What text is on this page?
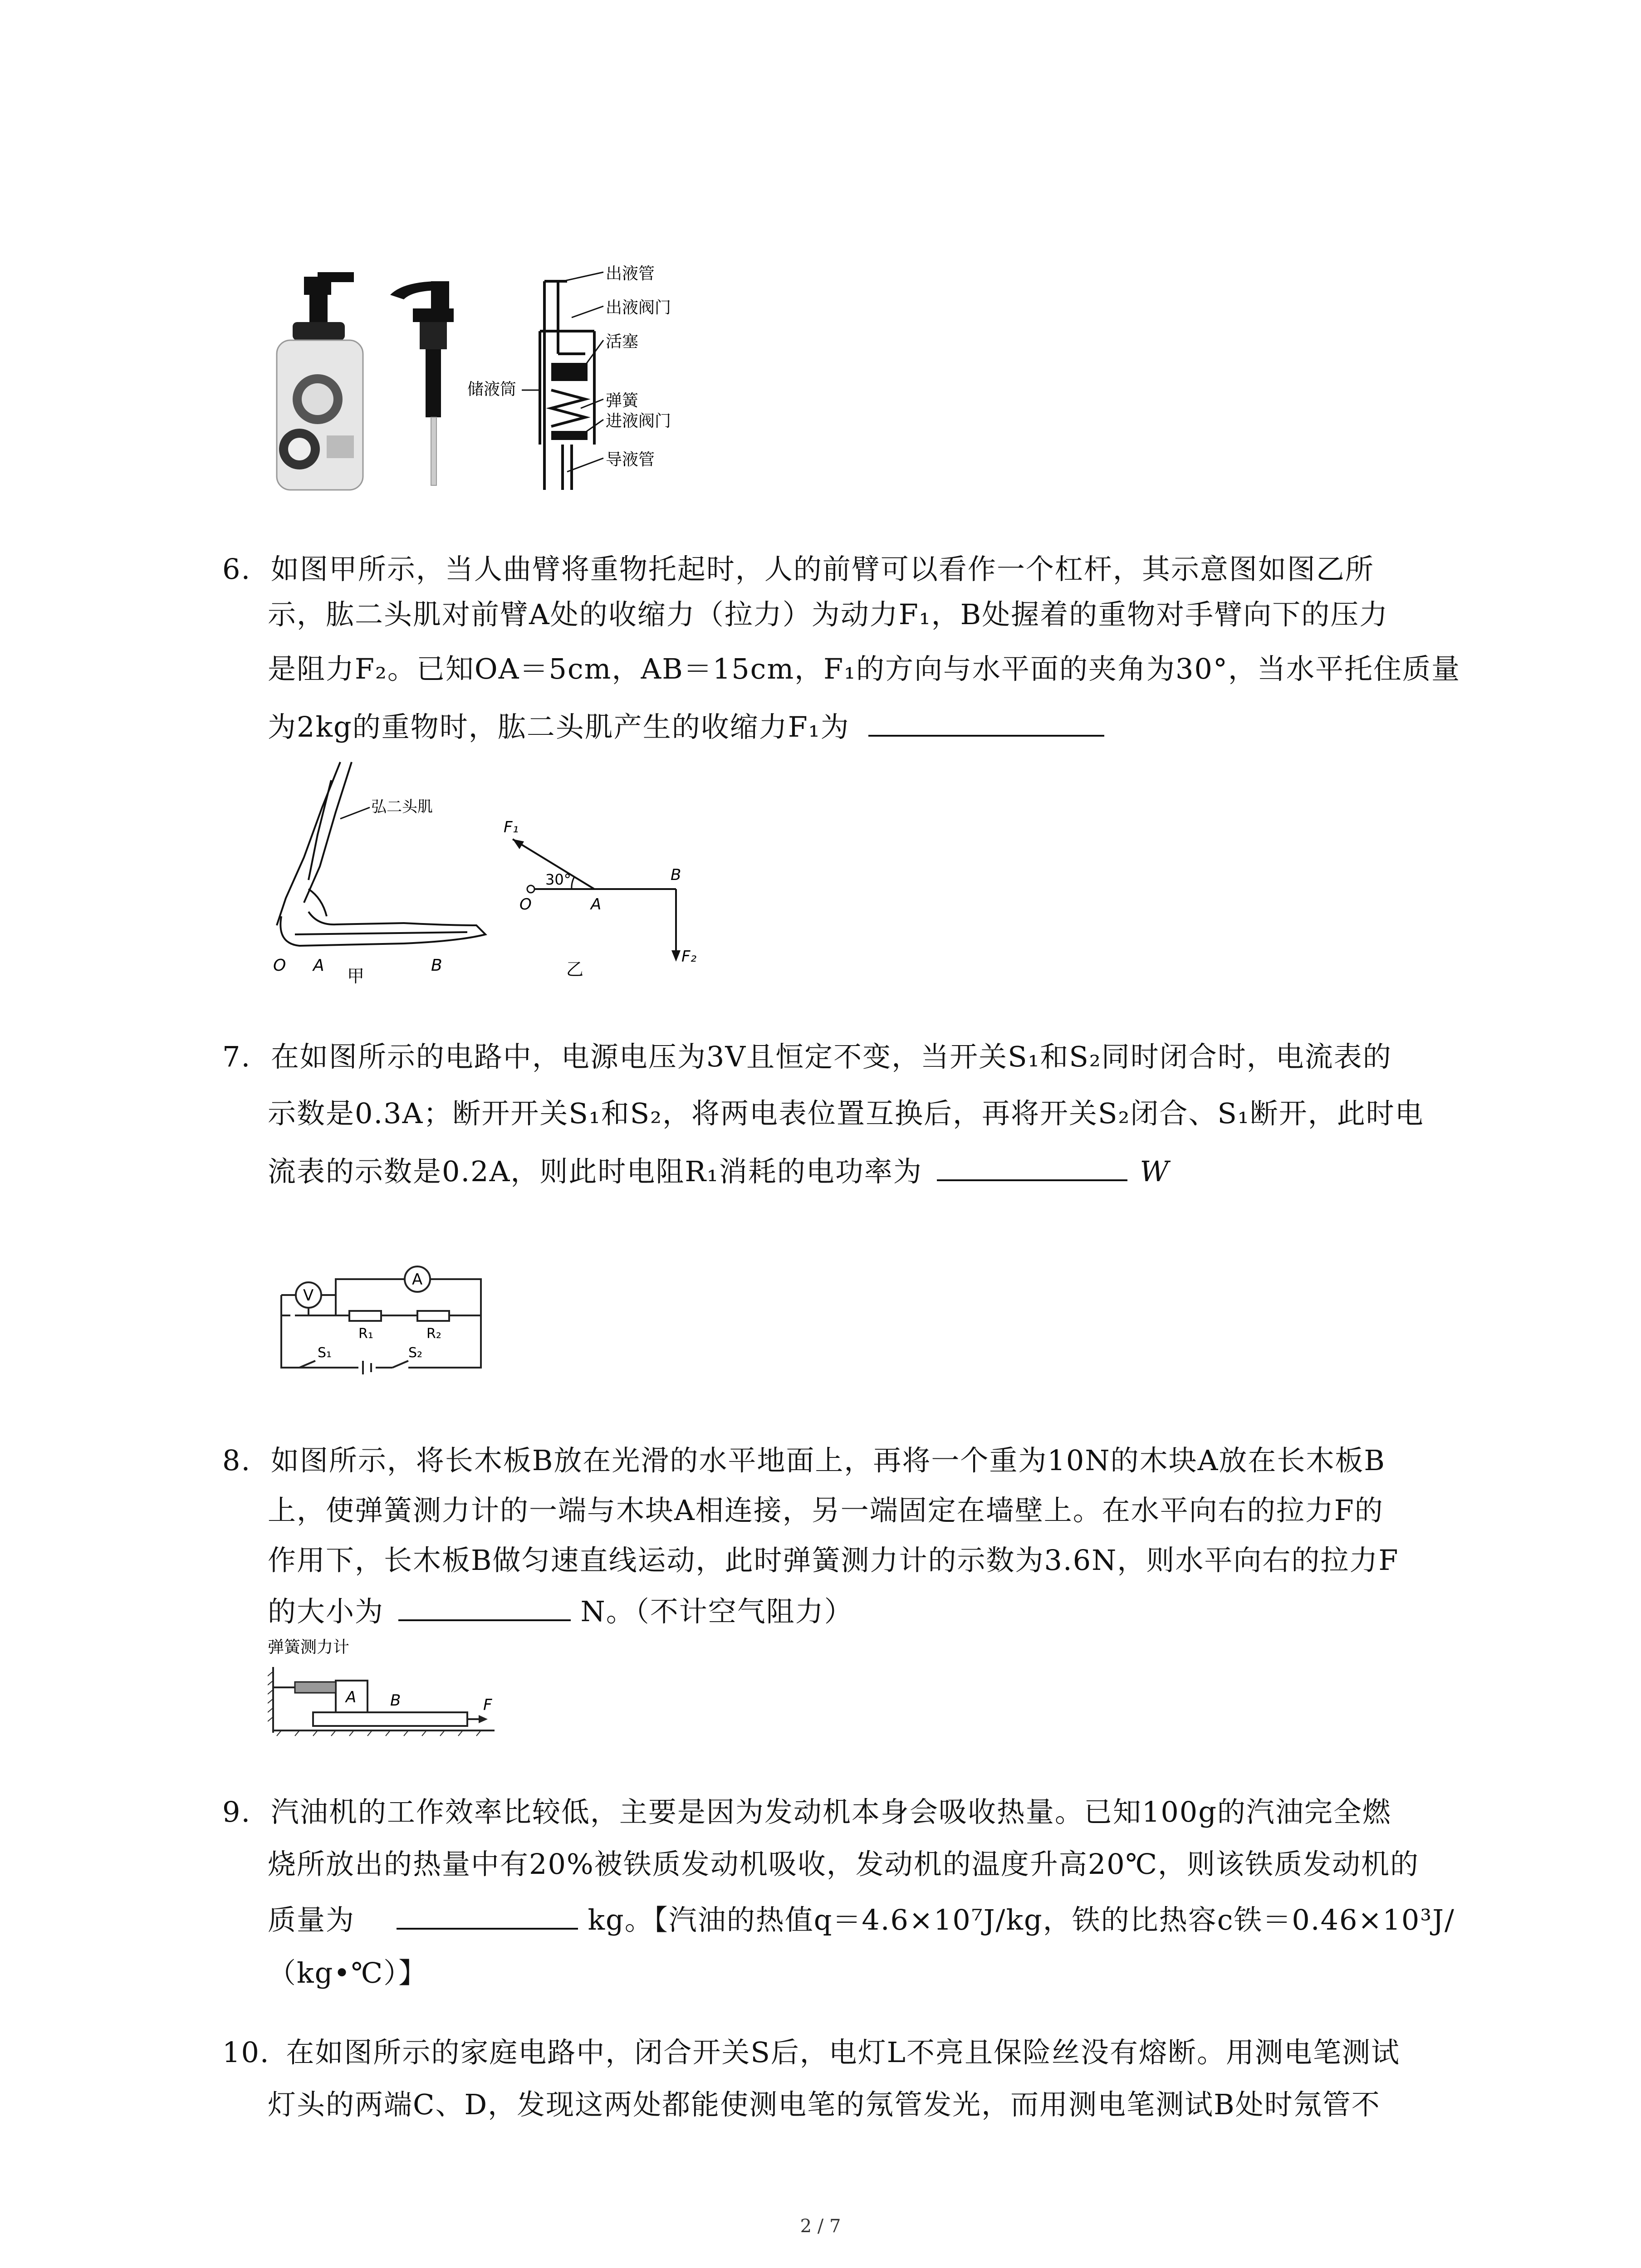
出液管
出液阀门
活塞
储液筒
弹簧
进液阀门
导液管
6. 如图甲所示，当人曲臂将重物托起时，人的前臂可以看作一个杠杆，其示意图如图乙所
示，肱二头肌对前臂A处的收缩力（拉力）为动力F₁，B处握着的重物对手臂向下的压力
是阻力F₂。已知OA＝5cm，AB＝15cm，F₁的方向与水平面的夹角为30°，当水平托住质量
为2kg的重物时，肱二头肌产生的收缩力F₁为
弘二头肌
O A	B
甲
F₁
30°
O	A
B
F₂
乙
7. 在如图所示的电路中，电源电压为3V且恒定不变，当开关S₁和S₂同时闭合时，电流表的
示数是0.3A；断开开关S₁和S₂，将两电表位置互换后，再将开关S₂闭合、S₁断开，此时电
流表的示数是0.2A，则此时电阻R₁消耗的电功率为	W
V
A
R₁	R₂
S₁	S₂
8. 如图所示，将长木板B放在光滑的水平地面上，再将一个重为10N的木块A放在长木板B
上，使弹簧测力计的一端与木块A相连接，另一端固定在墙壁上。在水平向右的拉力F的
作用下，长木板B做匀速直线运动，此时弹簧测力计的示数为3.6N，则水平向右的拉力F
的大小为	N。（不计空气阻力）
弹簧测力计
A B	F
9. 汽油机的工作效率比较低，主要是因为发动机本身会吸收热量。已知100g的汽油完全燃
烧所放出的热量中有20%被铁质发动机吸收，发动机的温度升高20℃，则该铁质发动机的
质量为	kg。【汽油的热值q＝4.6×10⁷J/kg，铁的比热容c铁＝0.46×10³J/
（kg•℃）】
10. 在如图所示的家庭电路中，闭合开关S后，电灯L不亮且保险丝没有熔断。用测电笔测试
灯头的两端C、D，发现这两处都能使测电笔的氖管发光，而用测电笔测试B处时氖管不
2 / 7
